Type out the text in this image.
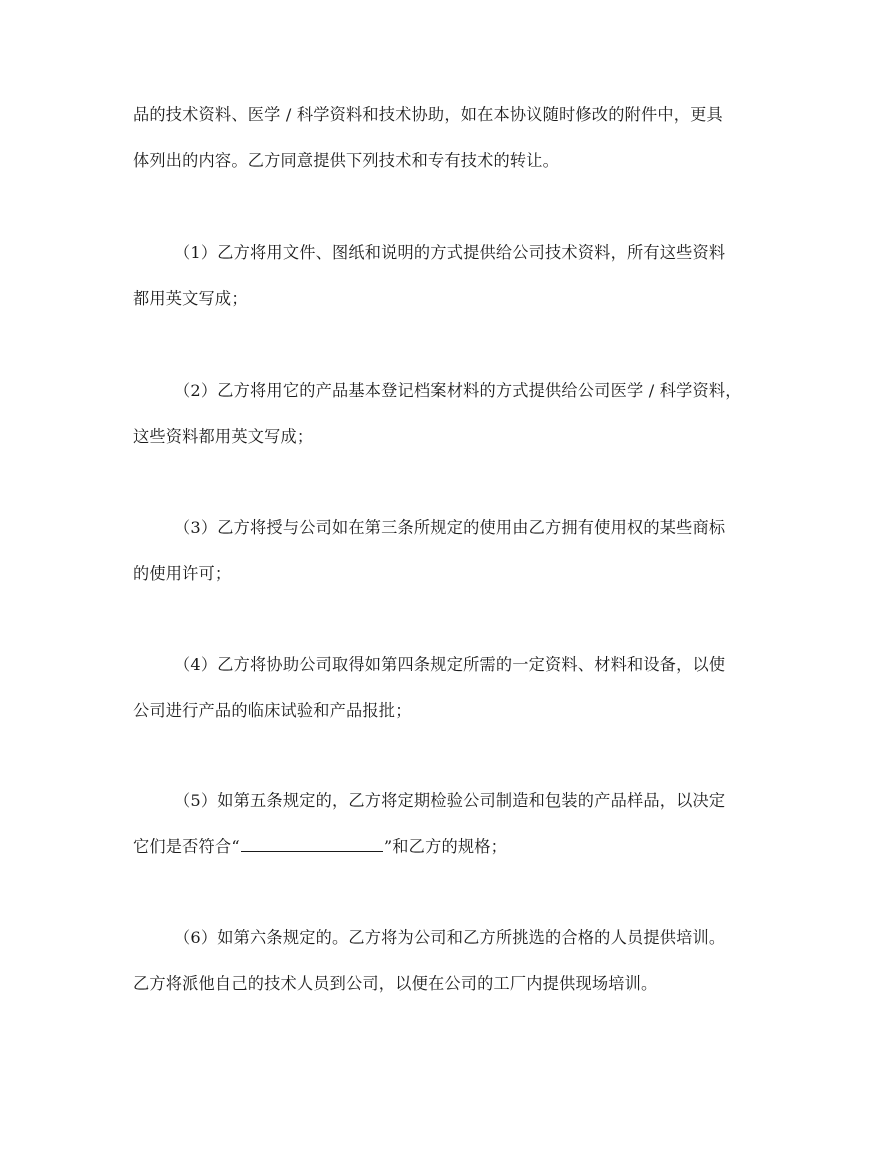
品的技术资料、医学 / 科学资料和技术协助，如在本协议随时修改的附件中，更具
体列出的内容。乙方同意提供下列技术和专有技术的转让。
（1）乙方将用文件、图纸和说明的方式提供给公司技术资料，所有这些资料
都用英文写成；
（2）乙方将用它的产品基本登记档案材料的方式提供给公司医学 / 科学资料，
这些资料都用英文写成；
（3）乙方将授与公司如在第三条所规定的使用由乙方拥有使用权的某些商标
的使用许可；
（4）乙方将协助公司取得如第四条规定所需的一定资料、材料和设备，以使
公司进行产品的临床试验和产品报批；
（5）如第五条规定的，乙方将定期检验公司制造和包装的产品样品，以决定
它们是否符合“	”和乙方的规格；
（6）如第六条规定的。乙方将为公司和乙方所挑选的合格的人员提供培训。
乙方将派他自己的技术人员到公司，以便在公司的工厂内提供现场培训。
